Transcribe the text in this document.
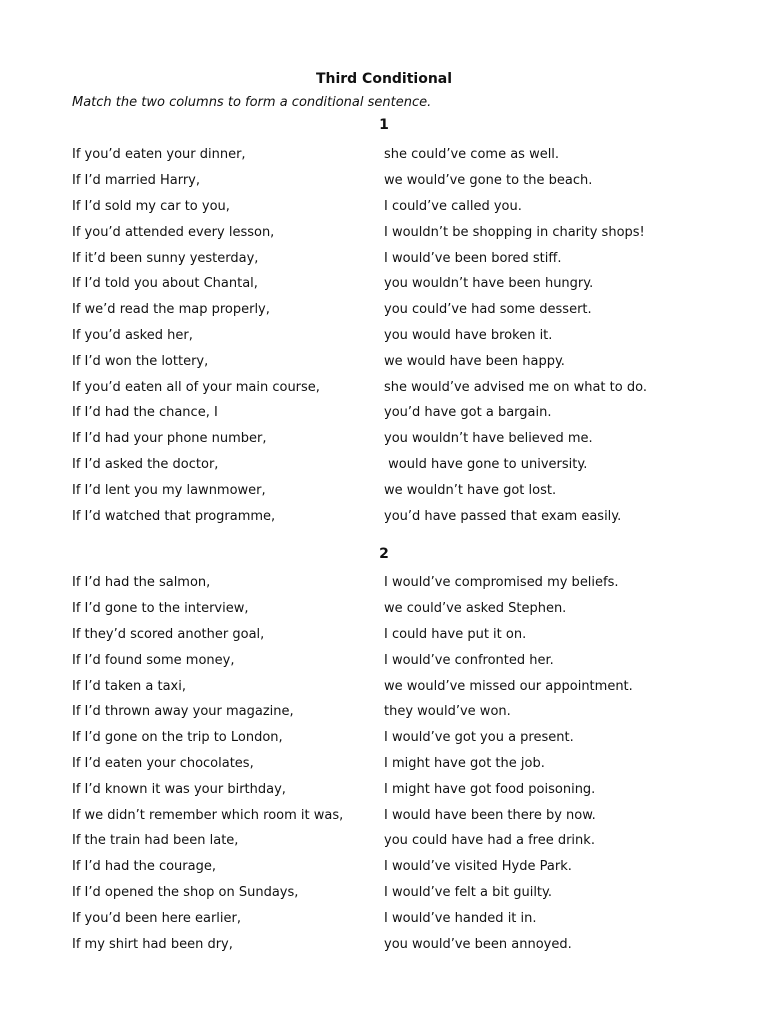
Third Conditional
Match the two columns to form a conditional sentence.
1
If you’d eaten your dinner,	she could’ve come as well.
If I’d married Harry,	we would’ve gone to the beach.
If I’d sold my car to you,	I could’ve called you.
If you’d attended every lesson,	I wouldn’t be shopping in charity shops!
If it’d been sunny yesterday,	I would’ve been bored stiff.
If I’d told you about Chantal,	you wouldn’t have been hungry.
If we’d read the map properly,	you could’ve had some dessert.
If you’d asked her,	you would have broken it.
If I’d won the lottery,	we would have been happy.
If you’d eaten all of your main course,	she would’ve advised me on what to do.
If I’d had the chance, I	you’d have got a bargain.
If I’d had your phone number,	you wouldn’t have believed me.
If I’d asked the doctor,	would have gone to university.
If I’d lent you my lawnmower,	we wouldn’t have got lost.
If I’d watched that programme,	you’d have passed that exam easily.
2
If I’d had the salmon,	I would’ve compromised my beliefs.
If I’d gone to the interview,	we could’ve asked Stephen.
If they’d scored another goal,	I could have put it on.
If I’d found some money,	I would’ve confronted her.
If I’d taken a taxi,	we would’ve missed our appointment.
If I’d thrown away your magazine,	they would’ve won.
If I’d gone on the trip to London,	I would’ve got you a present.
If I’d eaten your chocolates,	I might have got the job.
If I’d known it was your birthday,	I might have got food poisoning.
If we didn’t remember which room it was,	I would have been there by now.
If the train had been late,	you could have had a free drink.
If I’d had the courage,	I would’ve visited Hyde Park.
If I’d opened the shop on Sundays,	I would’ve felt a bit guilty.
If you’d been here earlier,	I would’ve handed it in.
If my shirt had been dry,	you would’ve been annoyed.
